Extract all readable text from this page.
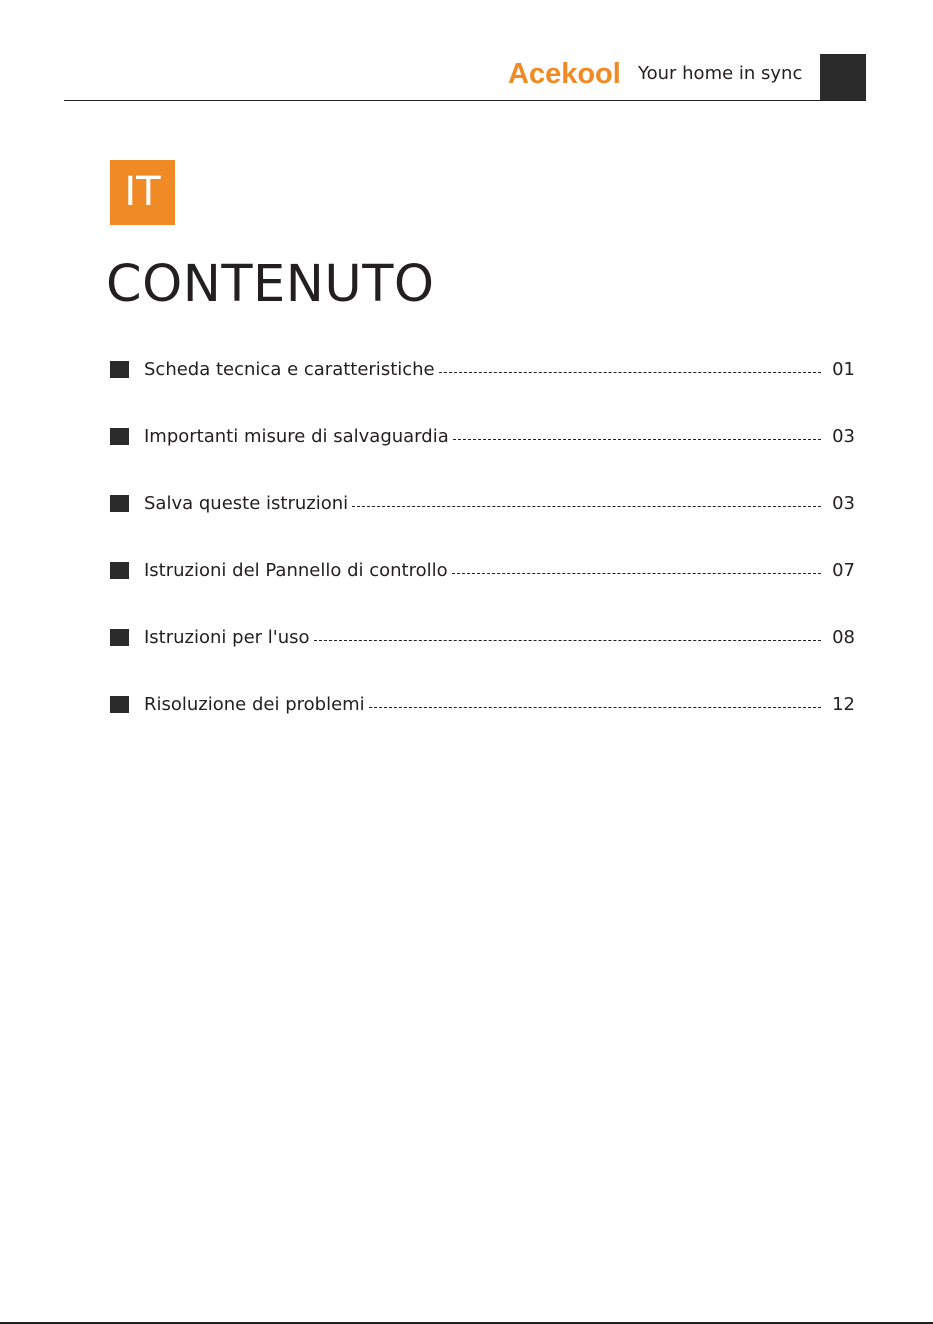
Acekool Your home in sync
IT
CONTENUTO
Scheda tecnica e caratteristiche	01
Importanti misure di salvaguardia	03
Salva queste istruzioni	03
Istruzioni del Pannello di controllo	07
Istruzioni per l'uso	08
Risoluzione dei problemi	12
